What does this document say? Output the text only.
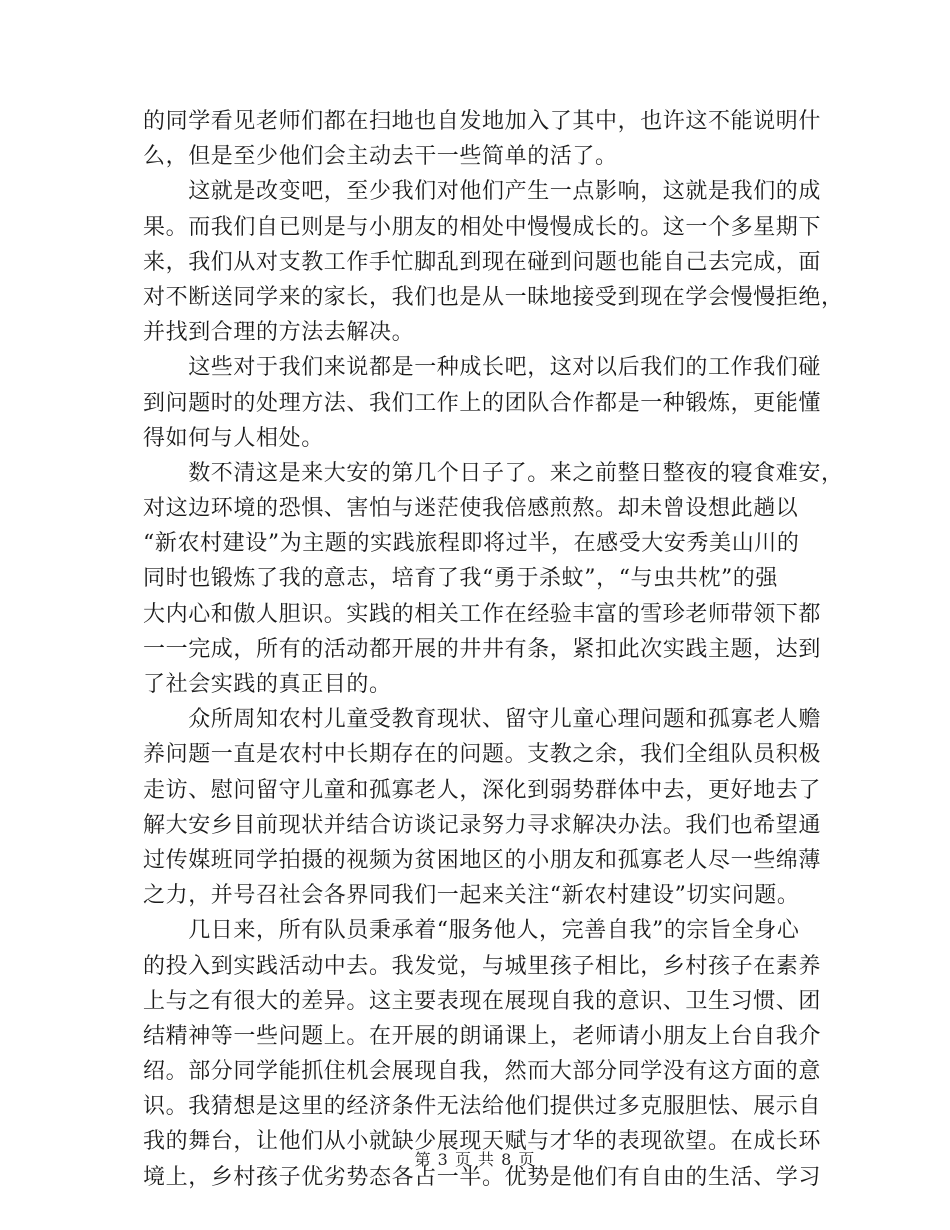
的同学看见老师们都在扫地也自发地加入了其中，也许这不能说明什
么，但是至少他们会主动去干一些简单的活了。
　　这就是改变吧，至少我们对他们产生一点影响，这就是我们的成
果。而我们自已则是与小朋友的相处中慢慢成长的。这一个多星期下
来，我们从对支教工作手忙脚乱到现在碰到问题也能自己去完成，面
对不断送同学来的家长，我们也是从一昧地接受到现在学会慢慢拒绝，
并找到合理的方法去解决。
　　这些对于我们来说都是一种成长吧，这对以后我们的工作我们碰
到问题时的处理方法、我们工作上的团队合作都是一种锻炼，更能懂
得如何与人相处。
　　数不清这是来大安的第几个日子了。来之前整日整夜的寝食难安，
对这边环境的恐惧、害怕与迷茫使我倍感煎熬。却未曾设想此趟以
“新农村建设”为主题的实践旅程即将过半，在感受大安秀美山川的
同时也锻炼了我的意志，培育了我“勇于杀蚊”，“与虫共枕”的强
大内心和傲人胆识。实践的相关工作在经验丰富的雪珍老师带领下都
一一完成，所有的活动都开展的井井有条，紧扣此次实践主题，达到
了社会实践的真正目的。
　　众所周知农村儿童受教育现状、留守儿童心理问题和孤寡老人赡
养问题一直是农村中长期存在的问题。支教之余，我们全组队员积极
走访、慰问留守儿童和孤寡老人，深化到弱势群体中去，更好地去了
解大安乡目前现状并结合访谈记录努力寻求解决办法。我们也希望通
过传媒班同学拍摄的视频为贫困地区的小朋友和孤寡老人尽一些绵薄
之力，并号召社会各界同我们一起来关注“新农村建设”切实问题。
　　几日来，所有队员秉承着“服务他人，完善自我”的宗旨全身心
的投入到实践活动中去。我发觉，与城里孩子相比，乡村孩子在素养
上与之有很大的差异。这主要表现在展现自我的意识、卫生习惯、团
结精神等一些问题上。在开展的朗诵课上，老师请小朋友上台自我介
绍。部分同学能抓住机会展现自我，然而大部分同学没有这方面的意
识。我猜想是这里的经济条件无法给他们提供过多克服胆怯、展示自
我的舞台，让他们从小就缺少展现天赋与才华的表现欲望。在成长环
境上，乡村孩子优劣势态各占一半。优势是他们有自由的生活、学习
第 3 页 共 8 页
